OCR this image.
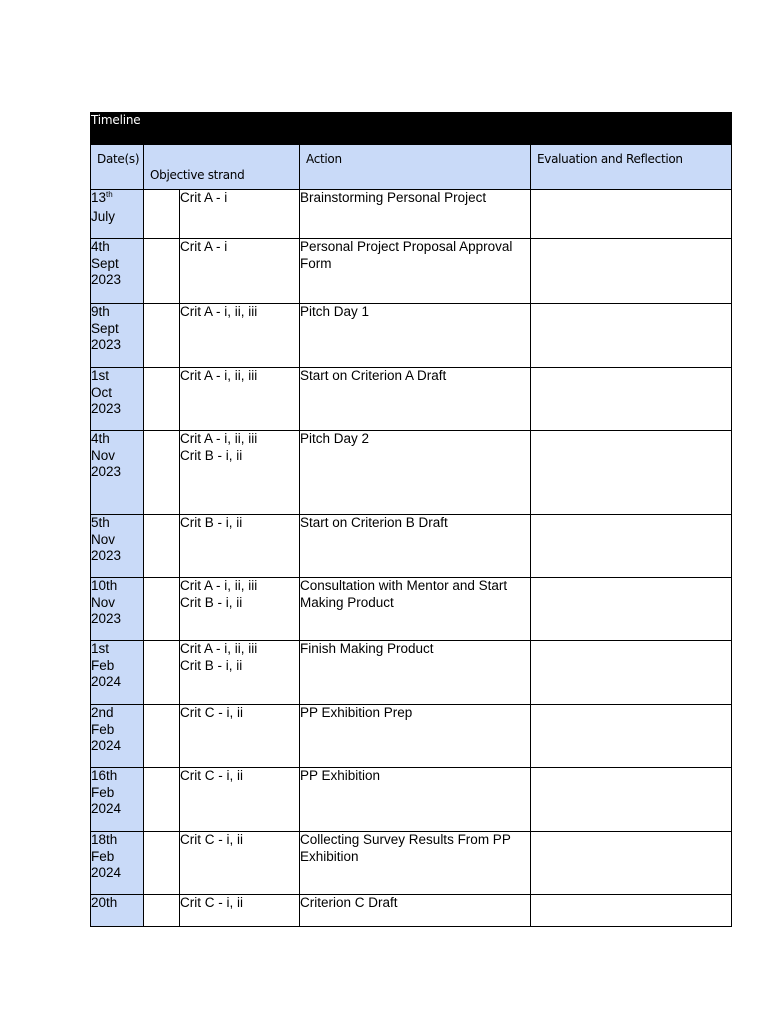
Timeline				

Date(s)	Objective strand		Action	Evaluation and Reflection

13th
July		Crit A - i	Brainstorming Personal Project	

4th
Sept
2023		Crit A - i	Personal Project Proposal Approval Form	

9th
Sept
2023		Crit A - i, ii, iii	Pitch Day 1	

1st
Oct
2023		Crit A - i, ii, iii	Start on Criterion A Draft	

4th
Nov
2023		Crit A - i, ii, iii
Crit B - i, ii	Pitch Day 2	

5th
Nov
2023		Crit B - i, ii	Start on Criterion B Draft	

10th
Nov
2023		Crit A - i, ii, iii
Crit B - i, ii	Consultation with Mentor and Start Making Product	

1st
Feb
2024		Crit A - i, ii, iii
Crit B - i, ii	Finish Making Product	

2nd
Feb
2024		Crit C - i, ii	PP Exhibition Prep	

16th
Feb
2024		Crit C - i, ii	PP Exhibition	

18th
Feb
2024		Crit C - i, ii	Collecting Survey Results From PP Exhibition	

20th		Crit C - i, ii	Criterion C Draft	
